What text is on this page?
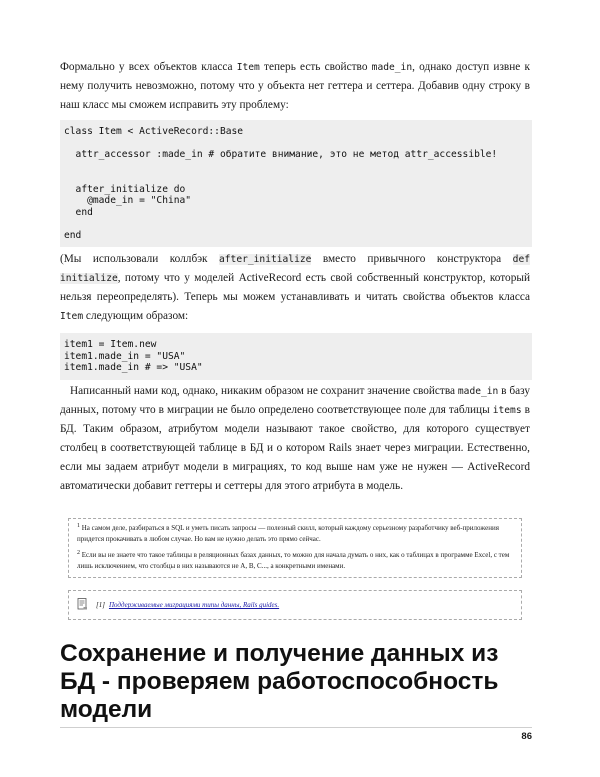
Формально у всех объектов класса Item теперь есть свойство made_in, однако доступ извне к нему получить невозможно, потому что у объекта нет геттера и сеттера. Добавив одну строку в наш класс мы сможем исправить эту проблему:

class Item < ActiveRecord::Base

attr_accessor :made_in # обратите внимание, это не метод attr_accessible!

after_initialize do
@made_in = "China"
end

end

(Мы использовали коллбэк after_initialize вместо привычного конструктора def initialize, потому что у моделей ActiveRecord есть свой собственный конструктор, который нельзя переопределять). Теперь мы можем устанавливать и читать свойства объектов класса Item следующим образом:

item1 = Item.new
item1.made_in = "USA"
item1.made_in # => "USA"

Написанный нами код, однако, никаким образом не сохранит значение свойства made_in в базу данных, потому что в миграции не было определено соответствующее поле для таблицы items в БД. Таким образом, атрибутом модели называют такое свойство, для которого существует столбец в соответствующей таблице в БД и о котором Rails знает через миграции. Естественно, если мы задаем атрибут модели в миграциях, то код выше нам уже не нужен — ActiveRecord автоматически добавит геттеры и сеттеры для этого атрибута в модель.

$^1$ На самом деле, разбираться в SQL и уметь писать запросы — полезный скилл, который каждому серьезному разработчику веб-приложения придется прокачивать в любом случае. Но вам не нужно делать это прямо сейчас.

$^2$ Если вы не знаете что такое таблицы в реляционных базах данных, то можно для начала думать о них, как о таблицах в программе Excel, с тем лишь исключением, что столбцы в них называются не A, B, C..., а конкретными именами.

[1] Поддерживаемые миграциями типы данны, Rails guides.
Сохранение и получение данных из БД - проверяем работоспособность модели
86
